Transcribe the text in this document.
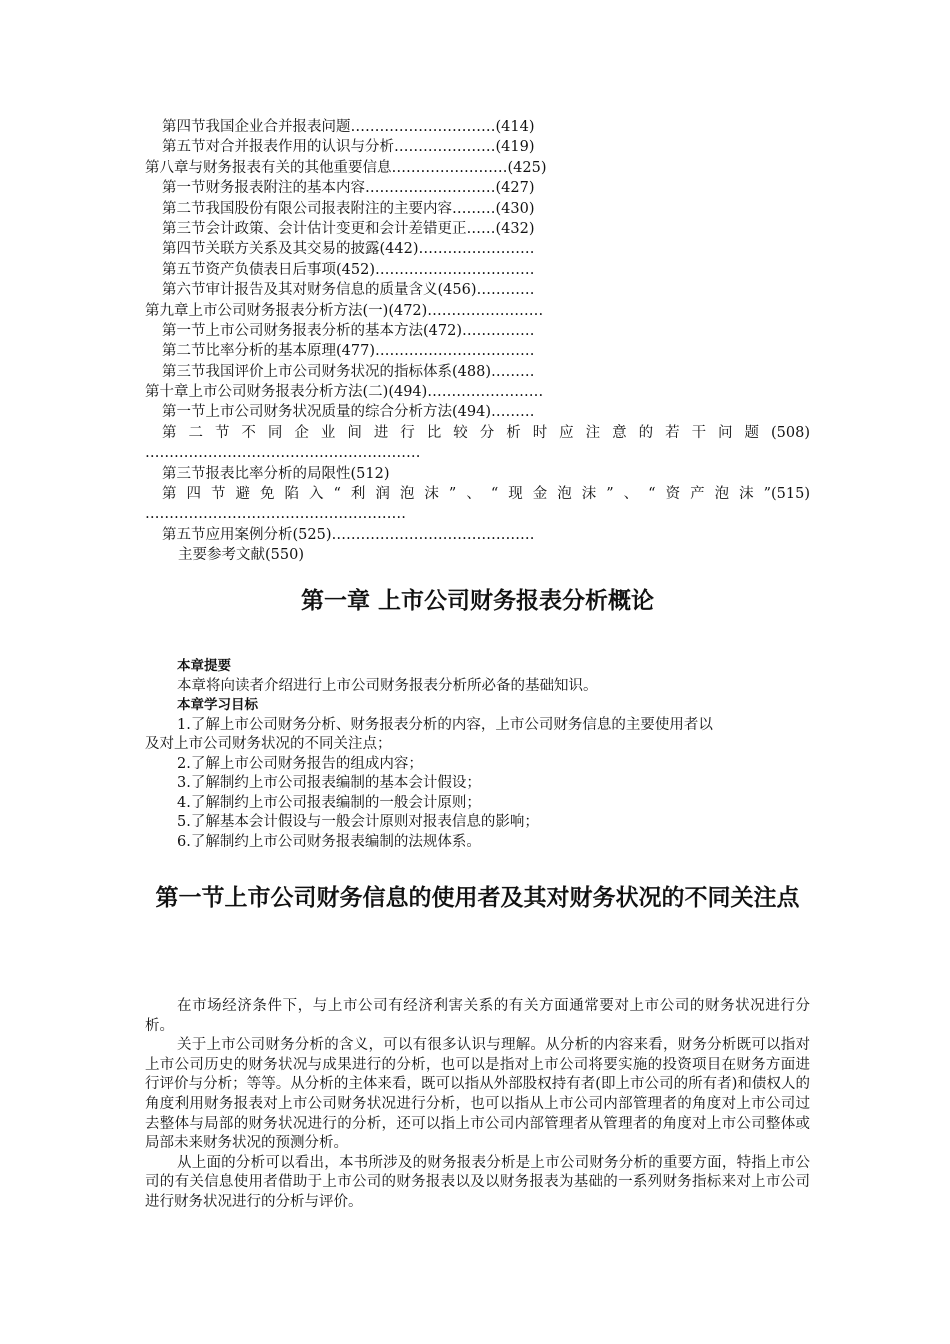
第四节我国企业合并报表问题…………………………(414)
第五节对合并报表作用的认识与分析…………………(419)
第八章与财务报表有关的其他重要信息……………………(425)
第一节财务报表附注的基本内容………………………(427)
第二节我国股份有限公司报表附注的主要内容………(430)
第三节会计政策、会计估计变更和会计差错更正……(432)
第四节关联方关系及其交易的披露(442)……………………
第五节资产负债表日后事项(452)……………………………
第六节审计报告及其对财务信息的质量含义(456)…………
第九章上市公司财务报表分析方法(一)(472)……………………
第一节上市公司财务报表分析的基本方法(472)……………
第二节比率分析的基本原理(477)……………………………
第三节我国评价上市公司财务状况的指标体系(488)………
第十章上市公司财务报表分析方法(二)(494)……………………
第一节上市公司财务状况质量的综合分析方法(494)………
第二节不同企业间进行比较分析时应注意的若干问题(508)
…………………………………………………
第三节报表比率分析的局限性(512)
第四节避免陷入“利润泡沫”、“现金泡沫”、“资产泡沫”(515)
………………………………………………
第五节应用案例分析(525)……………………………………
主要参考文献(550)
第一章 上市公司财务报表分析概论
本章提要
本章将向读者介绍进行上市公司财务报表分析所必备的基础知识。
本章学习目标
1.了解上市公司财务分析、财务报表分析的内容，上市公司财务信息的主要使用者以
及对上市公司财务状况的不同关注点；
2.了解上市公司财务报告的组成内容；
3.了解制约上市公司报表编制的基本会计假设；
4.了解制约上市公司报表编制的一般会计原则；
5.了解基本会计假设与一般会计原则对报表信息的影响；
6.了解制约上市公司财务报表编制的法规体系。
第一节上市公司财务信息的使用者及其对财务状况的不同关注点

在市场经济条件下，与上市公司有经济利害关系的有关方面通常要对上市公司的财务状况进行分析。

关于上市公司财务分析的含义，可以有很多认识与理解。从分析的内容来看，财务分析既可以指对上市公司历史的财务状况与成果进行的分析，也可以是指对上市公司将要实施的投资项目在财务方面进行评价与分析；等等。从分析的主体来看，既可以指从外部股权持有者(即上市公司的所有者)和债权人的角度利用财务报表对上市公司财务状况进行分析，也可以指从上市公司内部管理者的角度对上市公司过去整体与局部的财务状况进行的分析，还可以指上市公司内部管理者从管理者的角度对上市公司整体或局部未来财务状况的预测分析。

从上面的分析可以看出，本书所涉及的财务报表分析是上市公司财务分析的重要方面，特指上市公司的有关信息使用者借助于上市公司的财务报表以及以财务报表为基础的一系列财务指标来对上市公司进行财务状况进行的分析与评价。
